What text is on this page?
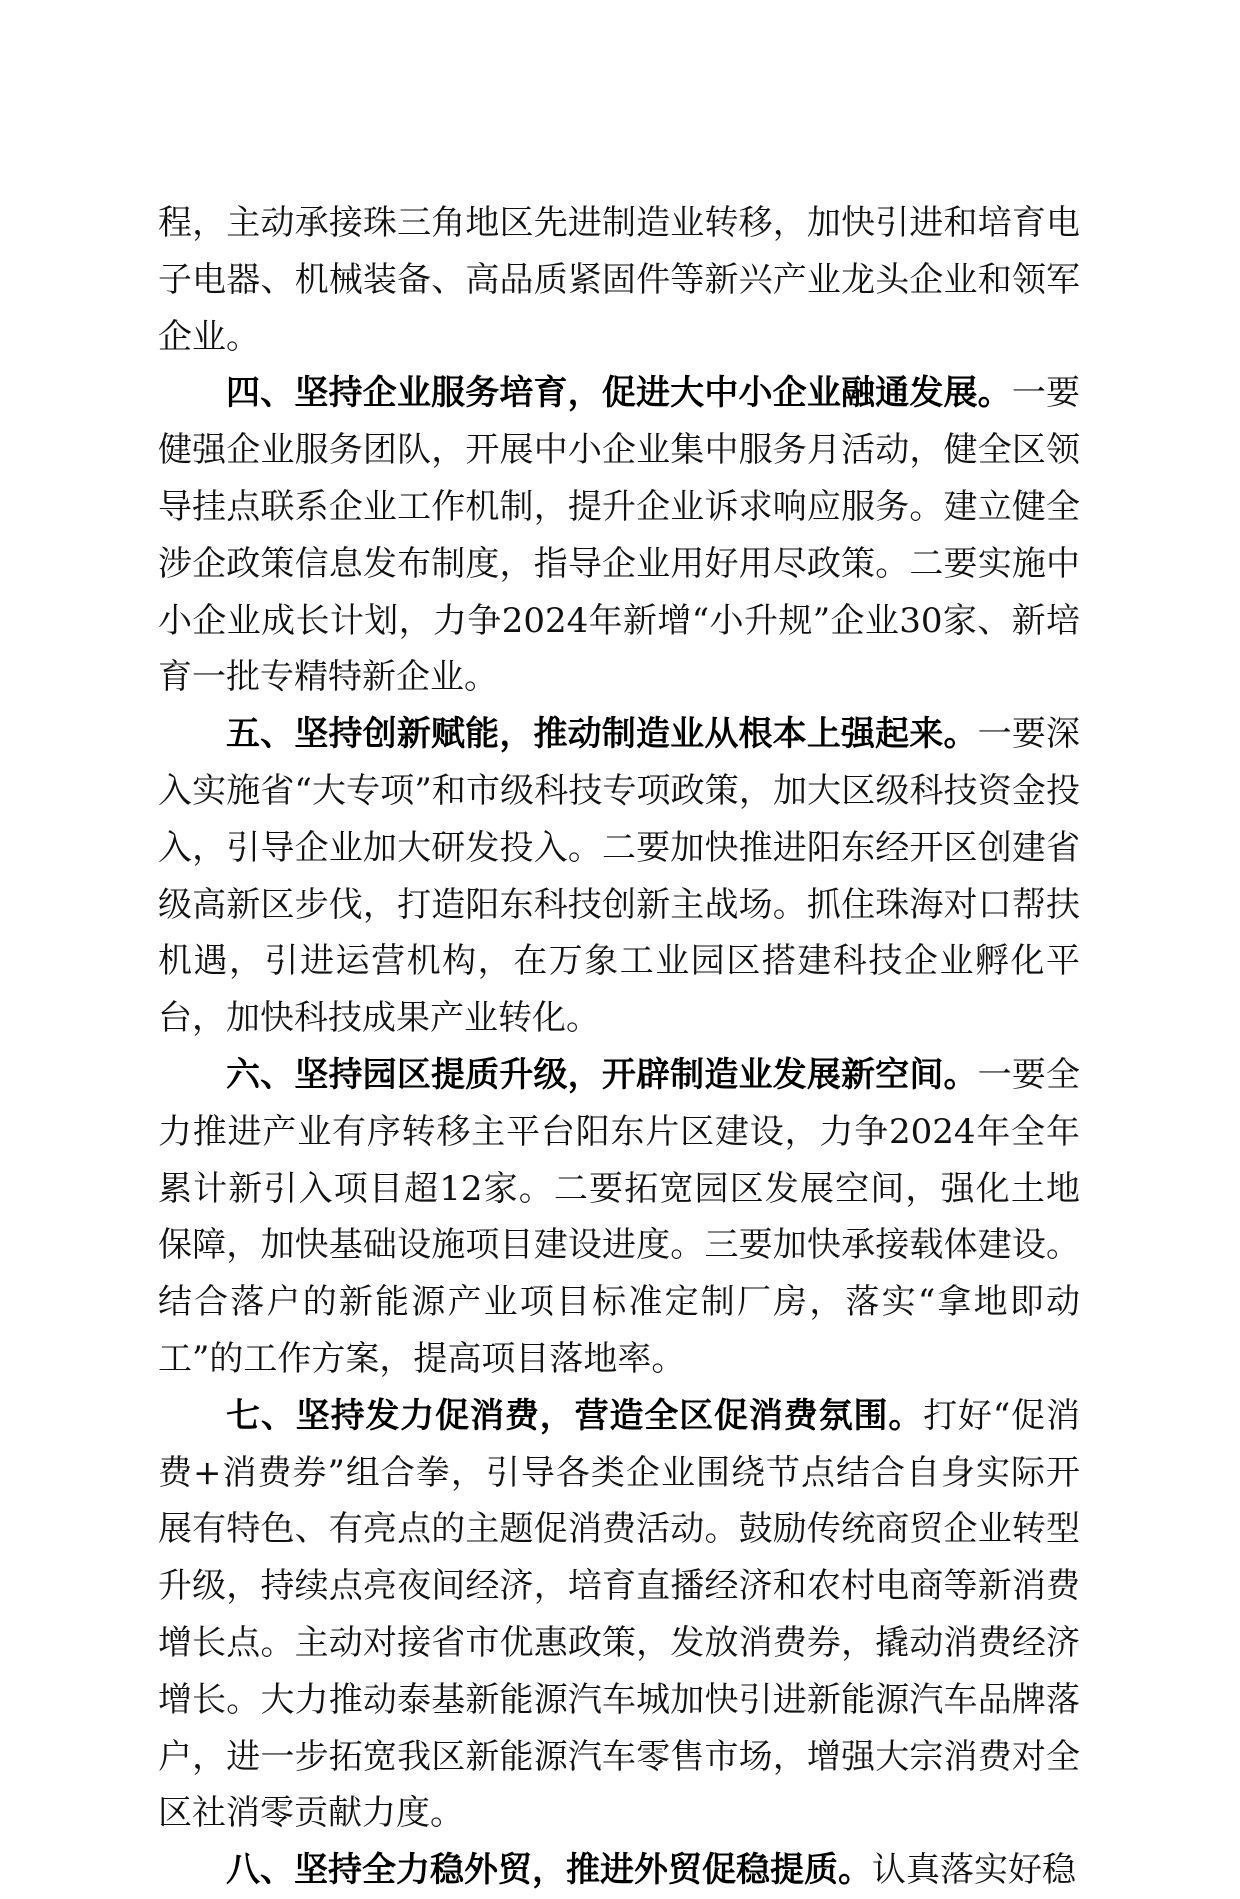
程，主动承接珠三角地区先进制造业转移，加快引进和培育电子电器、机械装备、高品质紧固件等新兴产业龙头企业和领军企业。

四、坚持企业服务培育，促进大中小企业融通发展。一要健强企业服务团队，开展中小企业集中服务月活动，健全区领导挂点联系企业工作机制，提升企业诉求响应服务。建立健全涉企政策信息发布制度，指导企业用好用尽政策。二要实施中小企业成长计划，力争2024年新增“小升规”企业30家、新培育一批专精特新企业。

五、坚持创新赋能，推动制造业从根本上强起来。一要深入实施省“大专项”和市级科技专项政策，加大区级科技资金投入，引导企业加大研发投入。二要加快推进阳东经开区创建省级高新区步伐，打造阳东科技创新主战场。抓住珠海对口帮扶机遇，引进运营机构，在万象工业园区搭建科技企业孵化平台，加快科技成果产业转化。

六、坚持园区提质升级，开辟制造业发展新空间。一要全力推进产业有序转移主平台阳东片区建设，力争2024年全年累计新引入项目超12家。二要拓宽园区发展空间，强化土地保障，加快基础设施项目建设进度。三要加快承接载体建设。结合落户的新能源产业项目标准定制厂房，落实“拿地即动工”的工作方案，提高项目落地率。

七、坚持发力促消费，营造全区促消费氛围。打好“促消费+消费券”组合拳，引导各类企业围绕节点结合自身实际开展有特色、有亮点的主题促消费活动。鼓励传统商贸企业转型升级，持续点亮夜间经济，培育直播经济和农村电商等新消费增长点。主动对接省市优惠政策，发放消费券，撬动消费经济增长。大力推动泰基新能源汽车城加快引进新能源汽车品牌落户，进一步拓宽我区新能源汽车零售市场，增强大宗消费对全区社消零贡献力度。

八、坚持全力稳外贸，推进外贸促稳提质。认真落实好稳
